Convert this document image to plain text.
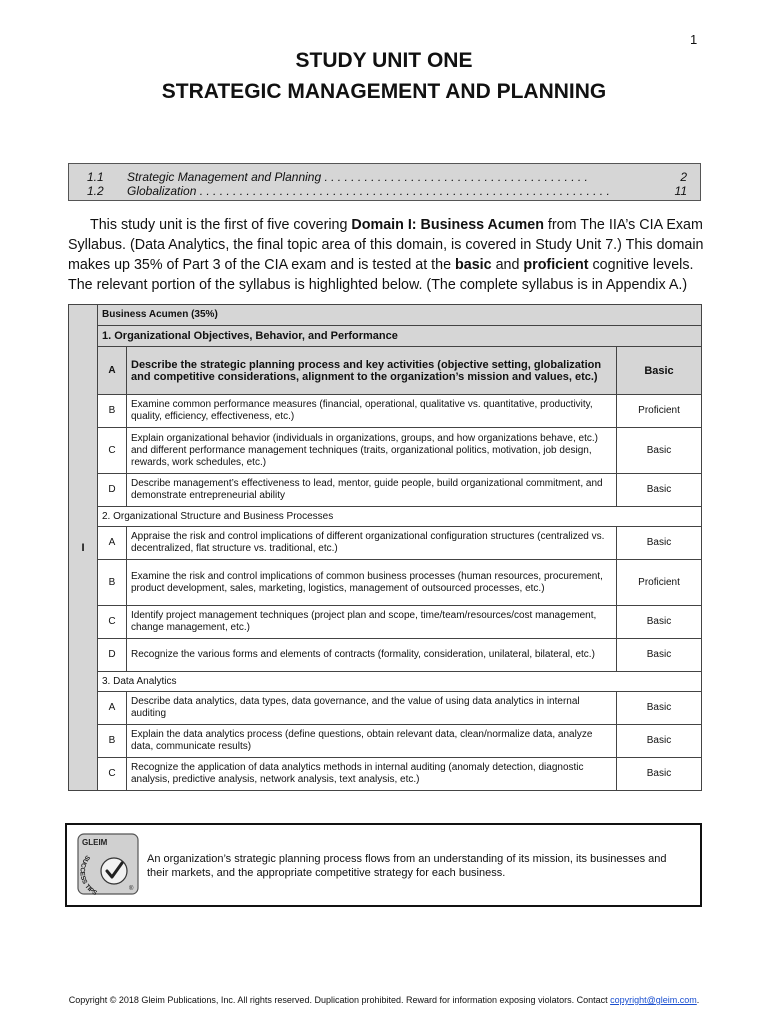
1
STUDY UNIT ONE
STRATEGIC MANAGEMENT AND PLANNING
1.1 Strategic Management and Planning . . . . . . . . . . . . . . . . . . . . . . . . . . . . . . . . . . . . . . . .	2
1.2 Globalization . . . . . . . . . . . . . . . . . . . . . . . . . . . . . . . . . . . . . . . . . . . . . . . . . . . . . . . . . . . . . .	11
This study unit is the first of five covering Domain I: Business Acumen from The IIA’s CIA Exam Syllabus. (Data Analytics, the final topic area of this domain, is covered in Study Unit 7.) This domain makes up 35% of Part 3 of the CIA exam and is tested at the basic and proficient cognitive levels. The relevant portion of the syllabus is highlighted below. (The complete syllabus is in Appendix A.)
I	Business Acumen (35%)		
	1. Organizational Objectives, Behavior, and Performance		
	A	Describe the strategic planning process and key activities (objective setting, globalization and competitive considerations, alignment to the organization’s mission and values, etc.)	Basic
	B	Examine common performance measures (financial, operational, qualitative vs. quantitative, productivity, quality, efficiency, effectiveness, etc.)	Proficient
	C	Explain organizational behavior (individuals in organizations, groups, and how organizations behave, etc.) and different performance management techniques (traits, organizational politics, motivation, job design, rewards, work schedules, etc.)	Basic
	D	Describe management’s effectiveness to lead, mentor, guide people, build organizational commitment, and demonstrate entrepreneurial ability	Basic
	2. Organizational Structure and Business Processes		
	A	Appraise the risk and control implications of different organizational configuration structures (centralized vs. decentralized, flat structure vs. traditional, etc.)	Basic
	B	Examine the risk and control implications of common business processes (human resources, procurement, product development, sales, marketing, logistics, management of outsourced processes, etc.)	Proficient
	C	Identify project management techniques (project plan and scope, time/team/resources/cost management, change management, etc.)	Basic
	D	Recognize the various forms and elements of contracts (formality, consideration, unilateral, bilateral, etc.)	Basic
	3. Data Analytics		
	A	Describe data analytics, data types, data governance, and the value of using data analytics in internal auditing	Basic
	B	Explain the data analytics process (define questions, obtain relevant data, clean/normalize data, analyze data, communicate results)	Basic
	C	Recognize the application of data analytics methods in internal auditing (anomaly detection, diagnostic analysis, predictive analysis, network analysis, text analysis, etc.)	Basic
GLEIM
SUCCESS TIPS	®
An organization’s strategic planning process flows from an understanding of its mission, its businesses and their markets, and the appropriate competitive strategy for each business.
Copyright © 2018 Gleim Publications, Inc. All rights reserved. Duplication prohibited. Reward for information exposing violators. Contact copyright@gleim.com.
